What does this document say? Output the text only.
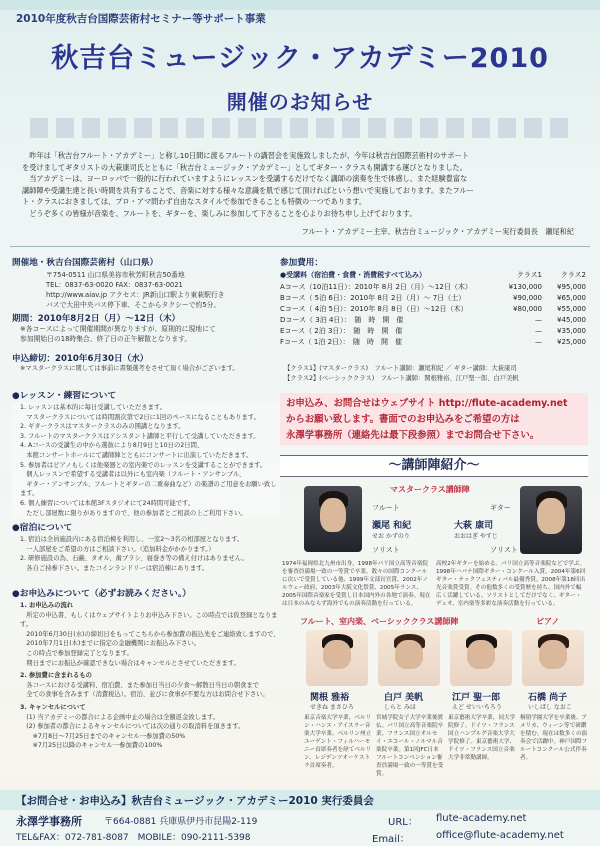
2010年度秋吉台国際芸術村セミナー等サポート事業
秋吉台ミュージック・アカデミー2010
開催のお知らせ

　昨年は「秋吉台フルート・アカデミー」と称し10日間に渡るフルートの講習会を実施致しましたが、今年は秋吉台国際芸術村のサポート

を受けましてギタリストの大萩康司氏とともに「秋吉台ミュージック・アカデミー」としてギター・クラスも開講する運びとなりました。

　当アカデミーは、ヨーロッパで一般的に行われていますようにレッスンを受講するだけでなく講師の演奏を生で体感し、また経験豊富な

講師陣や受講生達と長い時間を共有することで、音楽に対する様々な意識を肌で感じて頂ければという想いで実施しております。またフルー

ト・クラスにおきましては、プロ・アマ問わず自由なスタイルで参加できることも特徴の一つであります。

　どうぞ多くの皆様が音楽を、フルートを、ギターを、楽しみに参加して下さることを心よりお待ち申し上げております。

フルート・アカデミー主宰、秋吉台ミュージック・アカデミー実行委員長　瀬尾和紀
開催地・秋吉台国際芸術村（山口県）
〒754-0511 山口県美祢市秋芳町秋吉50番地
TEL：0837-63-0020 FAX：0837-63-0021
http://www.aiav.jp アクセス：JR新山口駅より東萩駅行き
バスで大田中央バス停下車、そこからタクシーで約5分。
期間：2010年8月2日（月）〜12日（木）
※各コースによって開催期間が異なりますが、原則的に現地にて
参加開始日の18時集合、終了日の正午解散となります。
申込締切：2010年6月30日（水）
※マスタークラスに関しては事前に書類選考をさせて頂く場合がございます。
●レッスン・練習について
1. レッスンは基本的に毎日受講していただきます。
　マスタークラスについては時間割次第で2日に1回のペースになることもあります。
2. ギタークラスはマスタークラスのみの開講となります。
3. フルートのマスタークラスはアシスタント講師と平行して受講していただきます。
4. Aコースの受講生の中から選抜により8月9日と10日の2日間、
　本館コンサートホールにて講師陣とともにコンサートに出演していただきます。
5. 参加者はピアノもしくは他楽器との室内楽でのレッスンを受講することができます。
　個人レッスンで希望する受講者は以外にも室内楽（フルート・アンサンブル、
　ギター・アンサンブル、フルートとギターの二重奏曲など）の楽譜のご用意をお願い致します。
6. 個人練習については本館3Fスタジオにて24時間可能です。
　ただし部屋数に限りがありますので、他の参加者とご相談の上ご利用下さい。
●宿泊について
1. 宿泊は全員施設内にある宿泊棟を利用し、一室2〜3名の相部屋となります。
　一人部屋をご希望の方はご相談下さい。（追加料金がかかります。）
2. 研修施設の為、石鹸、タオル、歯ブラシ、寝巻き等の備え付けはありません。
　各自ご持参下さい。またコインランドリーは宿泊棟にあります。
●お申込みについて（必ずお読みください。）
1. お申込みの流れ
　所定の申込書、もしくはウェブサイトよりお申込み下さい。この時点では仮登録となります。
　2010年6月30日(水)の締切日をもってこちらから参加費の振込先をご連絡致しますので、
　2010年7月1日(木)までに指定の金融機関にお振込み下さい。
　この時点で参加登録完了となります。
　期日までにお振込が確認できない場合はキャンセルとさせていただきます。
2. 参加費に含まれるもの
　各コースにおける受講料、宿泊費、また参加日当日の夕食〜解散日当日の朝食まで
　全ての食事を含みます（消費税込）。宿泊、並びに食事が不要な方はお問合せ下さい。
3. キャンセルについて
　(1) 当アカデミーの都合による企画中止の場合は全額返金致します。
　(2) 参加者の都合によるキャンセルについては次の通りの取消料を頂きます。
　　※7月8日〜7月25日までのキャンセル一参加費の50%
　　※7月25日以降のキャンセル一参加費の100%
参加費用：
●受講料（宿泊費・食費・消費税すべて込み）	クラス1	クラス2
Aコース（10泊11日）：2010年 8月 2日（月）〜12日（木）	¥130,000	¥95,000
Bコース（ 5泊 6日）：2010年 8月 2日（月）〜 7日（土）	¥90,000	¥65,000
Cコース（ 4泊 5日）：2010年 8月 8日（日）〜12日（木）	¥80,000	¥55,000
Dコース（ 3泊 4日）：　随　時　開　催	—	¥45,000
Eコース（ 2泊 3日）：　随　時　開　催	—	¥35,000
Fコース（ 1泊 2日）：　随　時　開　催	—	¥25,000
【クラス1】(マスタークラス)　フルート講師：瀬尾和紀 ／ ギター講師：大萩康司
【クラス2】(ベーシッククラス)　フルート講師：関根雅裕、江戸聖一郎、白戸美帆
お申込み、お問合せはウェブサイト http://flute-academy.net
からお願い致します。書面でのお申込みをご希望の方は
永澤学事務所（連絡先は最下段参照）までお問合せ下さい。
〜講師陣紹介〜
マスタークラス講師陣
フルート
瀬尾 和紀
せお かずのり
ソリスト
ギター
大萩 康司
おおはぎ やすじ
ソリスト
1974年福岡県北九州市出身。1998年パリ国立高等音楽院を審査員満場一致の一等賞で卒業。数々の国際コンクールに次いで受賞している他、1999年文部長官賞、2002年ノルウェー政府、2003年大阪文化祭賞、2005年ランス、2005年国際音楽家を受賞し日本国内外の各地で演奏。現在は日本のみならず海外でもの演奏活動を行っている。
高校2年ギターを始める。パリ国立高等音楽院などで学ぶ。1998年ハバナ国際ギター・コンクール入賞。2004年第6回ギター・テックフェスティバル最優秀賞。2008年第18回出光音楽賞受賞。その他数多くの受賞歴を持ち、国内外で幅広く活躍している。ソリストとしてだけでなく、ギター・デュオ、室内楽等多彩な演奏活動を行っている。
フルート、室内楽、ベーシッククラス講師陣	ピアノ
関根 雅裕
せきね まさひろ
白戸 美帆
しらと みほ
江戸 聖一郎
えど せいいちろう
石橋 尚子
いしばし なおこ
東京音楽大学卒業、ベルリン・ハンス・アイスラー音楽大学卒業。ベルリン州立ユーゲント・フィルハーモニー首席奏者を経てベルリン、レジデンツオーケストラ首席奏者。
宮城学院女子大学卒業後渡仏。パリ国立高等音楽院卒業。フランス国立オルセイ・エコール・ノルマル音楽院卒業。第1回JFC日本フルートコンベンション審査員満場一致の一等賞を受賞。
東京藝術大学卒業、同大学院修了。ドイツ・フランス国立ハンブルグ音楽大学大学院修了。東京藝術大学、ドイツ・フランス国立音楽大学非常勤講師。
桐朋学園大学を卒業後、アメリカ、ウィーン等で研鑽を積む。現在は数多くの演奏会で活躍中。神戸国際フルートコンクール公式伴奏者。
【お問合せ・お申込み】秋吉台ミュージック・アカデミー2010 実行委員会
永澤学事務所 〒664-0881 兵庫県伊丹市昆陽2-119
TEL&FAX：072-781-8087　MOBILE：090-2111-5398
URL： flute-academy.net
Email：	office@flute-academy.net
